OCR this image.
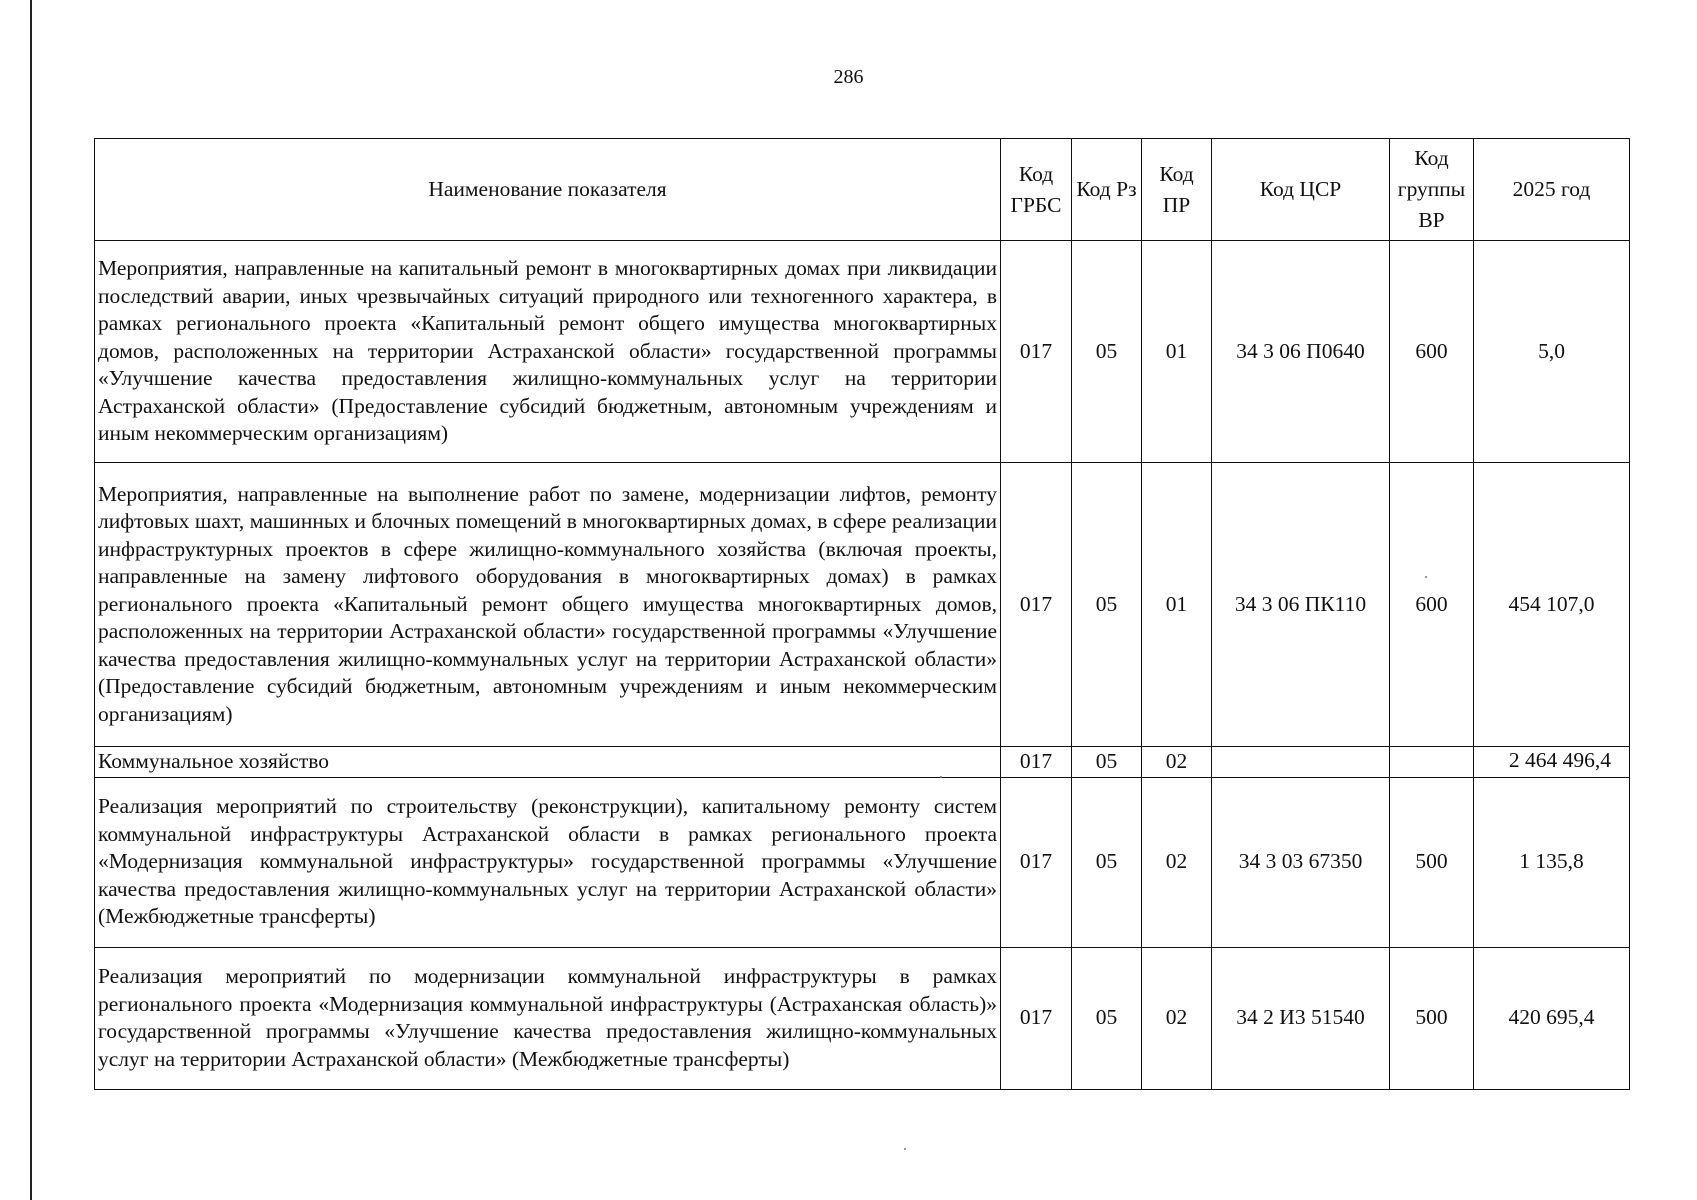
286
Наименование показателя	Код ГРБС	Код Рз	Код ПР	Код ЦСР	Код группы ВР	2025 год
Мероприятия, направленные на капитальный ремонт в многоквартирных домах при ликвидации последствий аварии, иных чрезвычайных ситуаций природного или техногенного характера, в рамках регионального проекта «Капитальный ремонт общего имущества многоквартирных домов, расположенных на территории Астраханской области» государственной программы «Улучшение качества предоставления жилищно-коммунальных услуг на территории Астраханской области» (Предоставление субсидий бюджетным, автономным учреждениям и иным некоммерческим организациям)	017	05	01	34 3 06 П0640	600	5,0
Мероприятия, направленные на выполнение работ по замене, модернизации лифтов, ремонту лифтовых шахт, машинных и блочных помещений в многоквартирных домах, в сфере реализации инфраструктурных проектов в сфере жилищно-коммунального хозяйства (включая проекты, направленные на замену лифтового оборудования в многоквартирных домах) в рамках регионального проекта «Капитальный ремонт общего имущества многоквартирных домов, расположенных на территории Астраханской области» государственной программы «Улучшение качества предоставления жилищно-коммунальных услуг на территории Астраханской области» (Предоставление субсидий бюджетным, автономным учреждениям и иным некоммерческим организациям)	017	05	01	34 3 06 ПК110	600	454 107,0
Коммунальное хозяйство	017	05	02			2 464 496,4
Реализация мероприятий по строительству (реконструкции), капитальному ремонту систем коммунальной инфраструктуры Астраханской области в рамках регионального проекта «Модернизация коммунальной инфраструктуры» государственной программы «Улучшение качества предоставления жилищно-коммунальных услуг на территории Астраханской области» (Межбюджетные трансферты)	017	05	02	34 3 03 67350	500	1 135,8
Реализация мероприятий по модернизации коммунальной инфраструктуры в рамках регионального проекта «Модернизация коммунальной инфраструктуры (Астраханская область)» государственной программы «Улучшение качества предоставления жилищно-коммунальных услуг на территории Астраханской области» (Межбюджетные трансферты)	017	05	02	34 2 И3 51540	500	420 695,4
